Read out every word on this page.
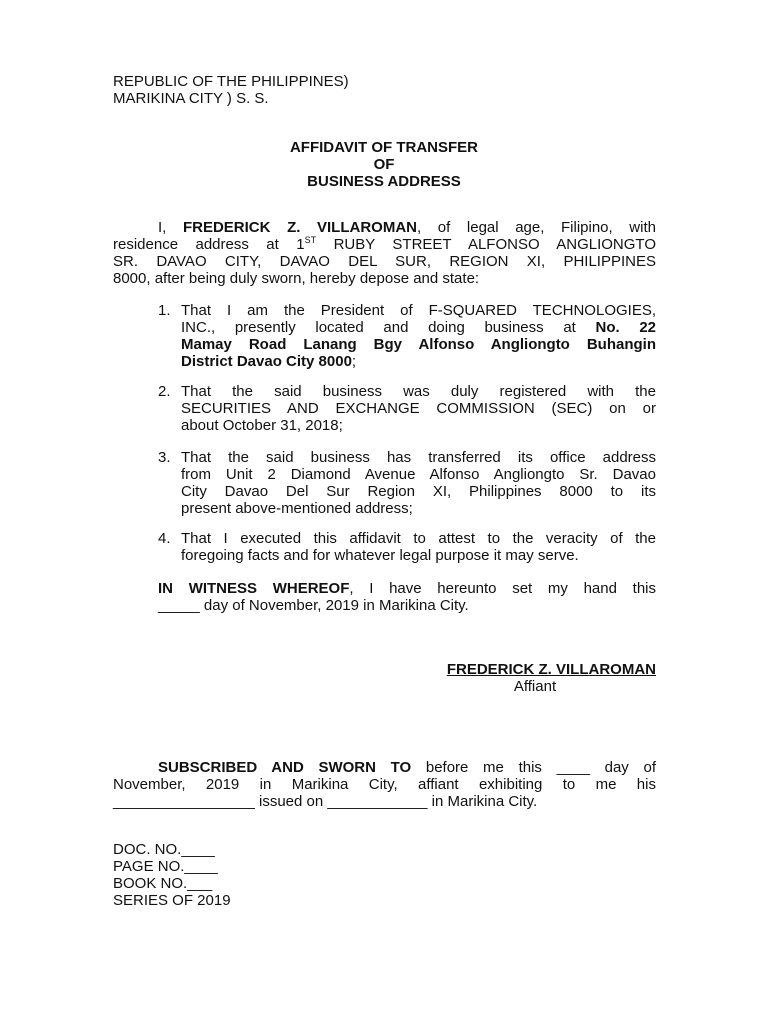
REPUBLIC OF THE PHILIPPINES)
MARIKINA CITY ) S. S.
AFFIDAVIT OF TRANSFER
OF
BUSINESS ADDRESS
I, FREDERICK Z. VILLAROMAN, of legal age, Filipino, with
residence address at 1ST RUBY STREET ALFONSO ANGLIONGTO
SR. DAVAO CITY, DAVAO DEL SUR, REGION XI, PHILIPPINES
8000, after being duly sworn, hereby depose and state:
1. That I am the President of F-SQUARED TECHNOLOGIES,
INC., presently located and doing business at No. 22
Mamay Road Lanang Bgy Alfonso Angliongto Buhangin
District Davao City 8000;
2. That the said business was duly registered with the
SECURITIES AND EXCHANGE COMMISSION (SEC) on or
about October 31, 2018;
3. That the said business has transferred its office address
from Unit 2 Diamond Avenue Alfonso Angliongto Sr. Davao
City Davao Del Sur Region XI, Philippines 8000 to its
present above-mentioned address;
4. That I executed this affidavit to attest to the veracity of the
foregoing facts and for whatever legal purpose it may serve.
IN WITNESS WHEREOF, I have hereunto set my hand this
_____ day of November, 2019 in Marikina City.
FREDERICK Z. VILLAROMAN
Affiant
SUBSCRIBED AND SWORN TO before me this ____ day of
November, 2019 in Marikina City, affiant exhibiting to me his
_________________ issued on ____________ in Marikina City.
DOC. NO.____
PAGE NO.____
BOOK NO.___
SERIES OF 2019
